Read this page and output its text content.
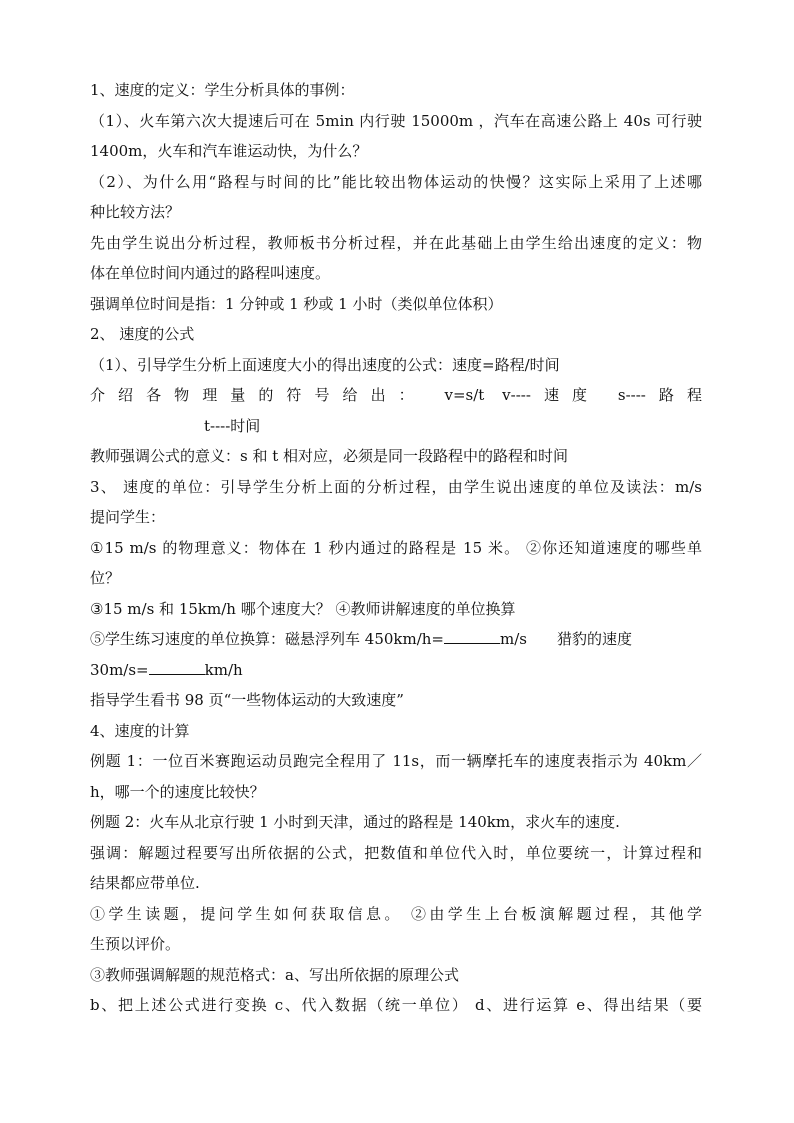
1、速度的定义：学生分析具体的事例：
（1）、火车第六次大提速后可在 5min 内行驶 15000m ，汽车在高速公路上 40s 可行驶
1400m，火车和汽车谁运动快，为什么？
（2）、为什么用“路程与时间的比”能比较出物体运动的快慢？这实际上采用了上述哪
种比较方法？
先由学生说出分析过程，教师板书分析过程，并在此基础上由学生给出速度的定义：物
体在单位时间内通过的路程叫速度。
强调单位时间是指：1 分钟或 1 秒或 1 小时（类似单位体积）
2、 速度的公式
（1）、引导学生分析上面速度大小的得出速度的公式：速度=路程/时间
介绍各物理量的符号给出： v=s/t v----速度 s----路程
t----时间
教师强调公式的意义：s 和 t 相对应，必须是同一段路程中的路程和时间
3、 速度的单位：引导学生分析上面的分析过程，由学生说出速度的单位及读法：m/s
提问学生：
①15 m/s 的物理意义：物体在 1 秒内通过的路程是 15 米。 ②你还知道速度的哪些单
位？
③15 m/s 和 15km/h 哪个速度大？ ④教师讲解速度的单位换算
⑤学生练习速度的单位换算：磁悬浮列车 450km/h=	m/s 猎豹的速度
30m/s=	km/h
指导学生看书 98 页“一些物体运动的大致速度”
4、速度的计算
例题 1：一位百米赛跑运动员跑完全程用了 11s，而一辆摩托车的速度表指示为 40km／
h，哪一个的速度比较快？
例题 2：火车从北京行驶 1 小时到天津，通过的路程是 140km，求火车的速度.
强调：解题过程要写出所依据的公式，把数值和单位代入时，单位要统一，计算过程和
结果都应带单位.
①学生读题，提问学生如何获取信息。 ②由学生上台板演解题过程，其他学
生预以评价。
③教师强调解题的规范格式：a、写出所依据的原理公式
b、把上述公式进行变换 c、代入数据（统一单位） d、进行运算 e、得出结果（要
